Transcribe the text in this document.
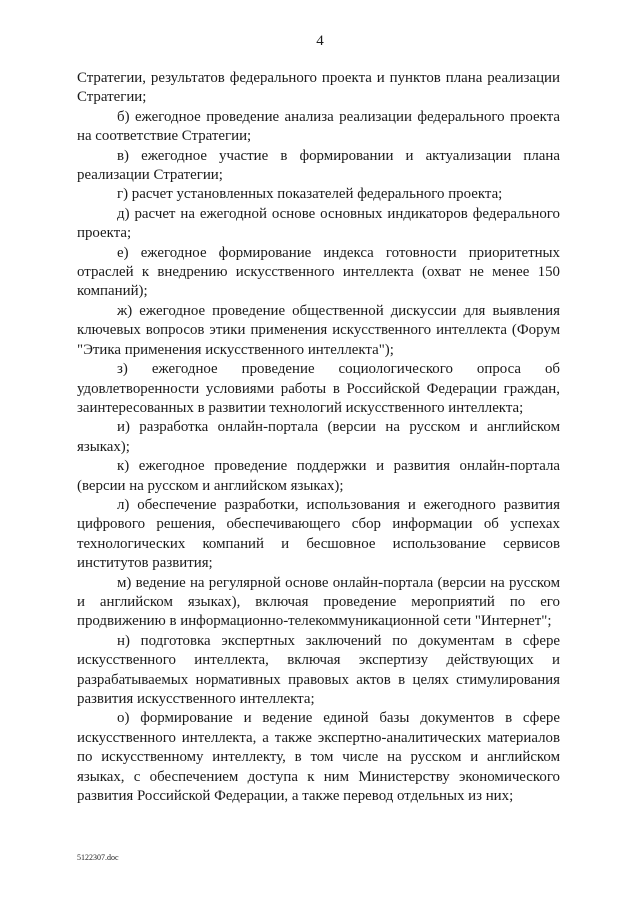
4

Стратегии, результатов федерального проекта и пунктов плана реализации Стратегии;

б) ежегодное проведение анализа реализации федерального проекта на соответствие Стратегии;

в) ежегодное участие в формировании и актуализации плана реализации Стратегии;

г) расчет установленных показателей федерального проекта;

д) расчет на ежегодной основе основных индикаторов федерального проекта;

е) ежегодное формирование индекса готовности приоритетных отраслей к внедрению искусственного интеллекта (охват не менее 150 компаний);

ж) ежегодное проведение общественной дискуссии для выявления ключевых вопросов этики применения искусственного интеллекта (Форум "Этика применения искусственного интеллекта");

з) ежегодное проведение социологического опроса об удовлетворенности условиями работы в Российской Федерации граждан, заинтересованных в развитии технологий искусственного интеллекта;

и) разработка онлайн-портала (версии на русском и английском языках);

к) ежегодное проведение поддержки и развития онлайн-портала (версии на русском и английском языках);

л) обеспечение разработки, использования и ежегодного развития цифрового решения, обеспечивающего сбор информации об успехах технологических компаний и бесшовное использование сервисов институтов развития;

м) ведение на регулярной основе онлайн-портала (версии на русском и английском языках), включая проведение мероприятий по его продвижению в информационно-телекоммуникационной сети "Интернет";

н) подготовка экспертных заключений по документам в сфере искусственного интеллекта, включая экспертизу действующих и разрабатываемых нормативных правовых актов в целях стимулирования развития искусственного интеллекта;

о) формирование и ведение единой базы документов в сфере искусственного интеллекта, а также экспертно-аналитических материалов по искусственному интеллекту, в том числе на русском и английском языках, с обеспечением доступа к ним Министерству экономического развития Российской Федерации, а также перевод отдельных из них;

5122307.doc
